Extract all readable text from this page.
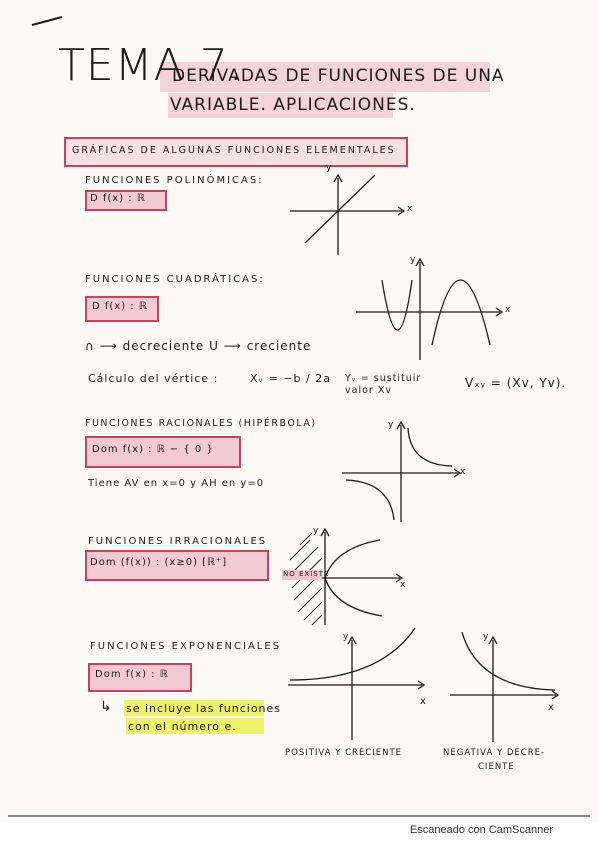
TEMA 7.
DERIVADAS DE FUNCIONES DE UNA
VARIABLE. APLICACIONES.
GRÁFICAS DE ALGUNAS FUNCIONES ELEMENTALES
FUNCIONES POLINÓMICAS:
D f(x) : ℝ
FUNCIONES CUADRÁTICAS:
D f(x) : ℝ
∩ ⟶ decreciente U ⟶ creciente
Cálculo del vértice :	Xᵥ = −b / 2a Yᵥ = sustituir valor Xv
Vₓᵧ = (Xv, Yv).
FUNCIONES RACIONALES (HIPÉRBOLA)
Dom f(x) : ℝ − { 0 }
Tiene AV en x=0 y AH en y=0
FUNCIONES IRRACIONALES
Dom (f(x)) : (x≥0) [ℝ⁺]
FUNCIONES EXPONENCIALES
Dom f(x) : ℝ
↳ se incluye las funciones
con el número e.
POSITIVA Y CRECIENTE	NEGATIVA Y DECRE-
CIENTE
x
y
x
y
x
y
NO EXISTE
x
y
x
y
x
y
Escaneado con CamScanner
